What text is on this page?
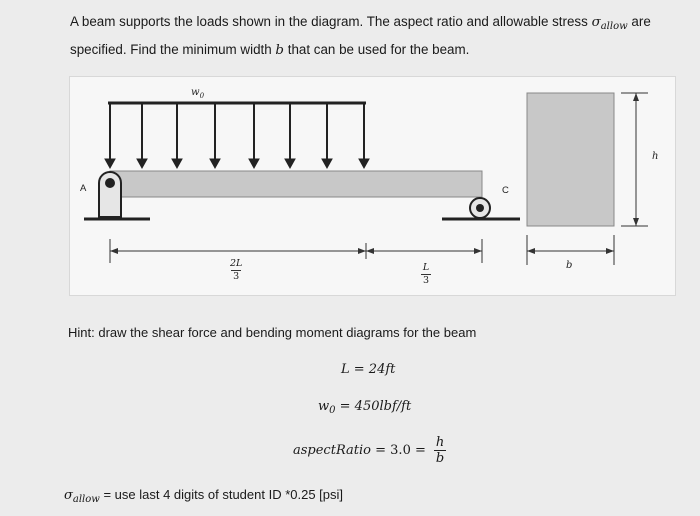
A beam supports the loads shown in the diagram. The aspect ratio and allowable stress $\sigma_{allow}$ are
specified. Find the minimum width b that can be used for the beam.
$w_0$
A	C
h
b
2L
3
L
3
Hint: draw the shear force and bending moment diagrams for the beam
L = 24ft
$w_0 = 450lbf/ft$
aspectRatio = $3.0 = \frac{h}{b}$
$\sigma_{allow}$ = use last 4 digits of student ID *0.25 [psi]
